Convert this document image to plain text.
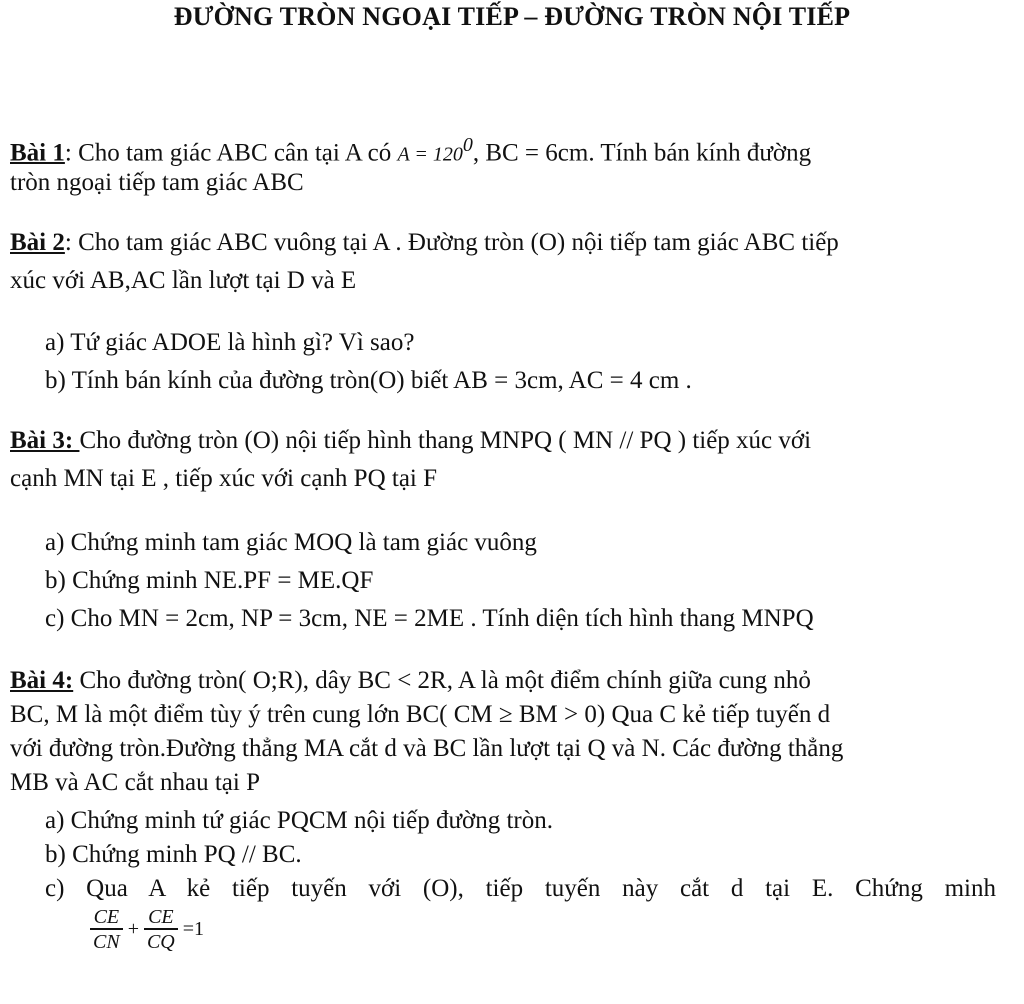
ĐƯỜNG TRÒN NGOẠI TIẾP – ĐƯỜNG TRÒN NỘI TIẾP
Bài 1: Cho tam giác ABC cân tại A có $A = 120^0$, BC = 6cm. Tính bán kính đường
tròn ngoại tiếp tam giác ABC
Bài 2: Cho tam giác ABC vuông tại A . Đường tròn (O) nội tiếp tam giác ABC tiếp
xúc với AB,AC lần lượt tại D và E
a) Tứ giác ADOE là hình gì? Vì sao?
b) Tính bán kính của đường tròn(O) biết AB = 3cm, AC = 4 cm .
Bài 3: Cho đường tròn (O) nội tiếp hình thang MNPQ ( MN // PQ ) tiếp xúc với
cạnh MN tại E , tiếp xúc với cạnh PQ tại F
a) Chứng minh tam giác MOQ là tam giác vuông
b) Chứng minh NE.PF = ME.QF
c) Cho MN = 2cm, NP = 3cm, NE = 2ME . Tính diện tích hình thang MNPQ
Bài 4: Cho đường tròn( O;R), dây BC < 2R, A là một điểm chính giữa cung nhỏ
BC, M là một điểm tùy ý trên cung lớn BC( CM ≥ BM > 0) Qua C kẻ tiếp tuyến d
với đường tròn.Đường thẳng MA cắt d và BC lần lượt tại Q và N. Các đường thẳng
MB và AC cắt nhau tại P
a) Chứng minh tứ giác PQCM nội tiếp đường tròn.
b) Chứng minh PQ // BC.
c) Qua A kẻ tiếp tuyến với (O), tiếp tuyến này cắt d tại E. Chứng minh
$\frac{CE}{CN} + \frac{CE}{CQ} =1$
